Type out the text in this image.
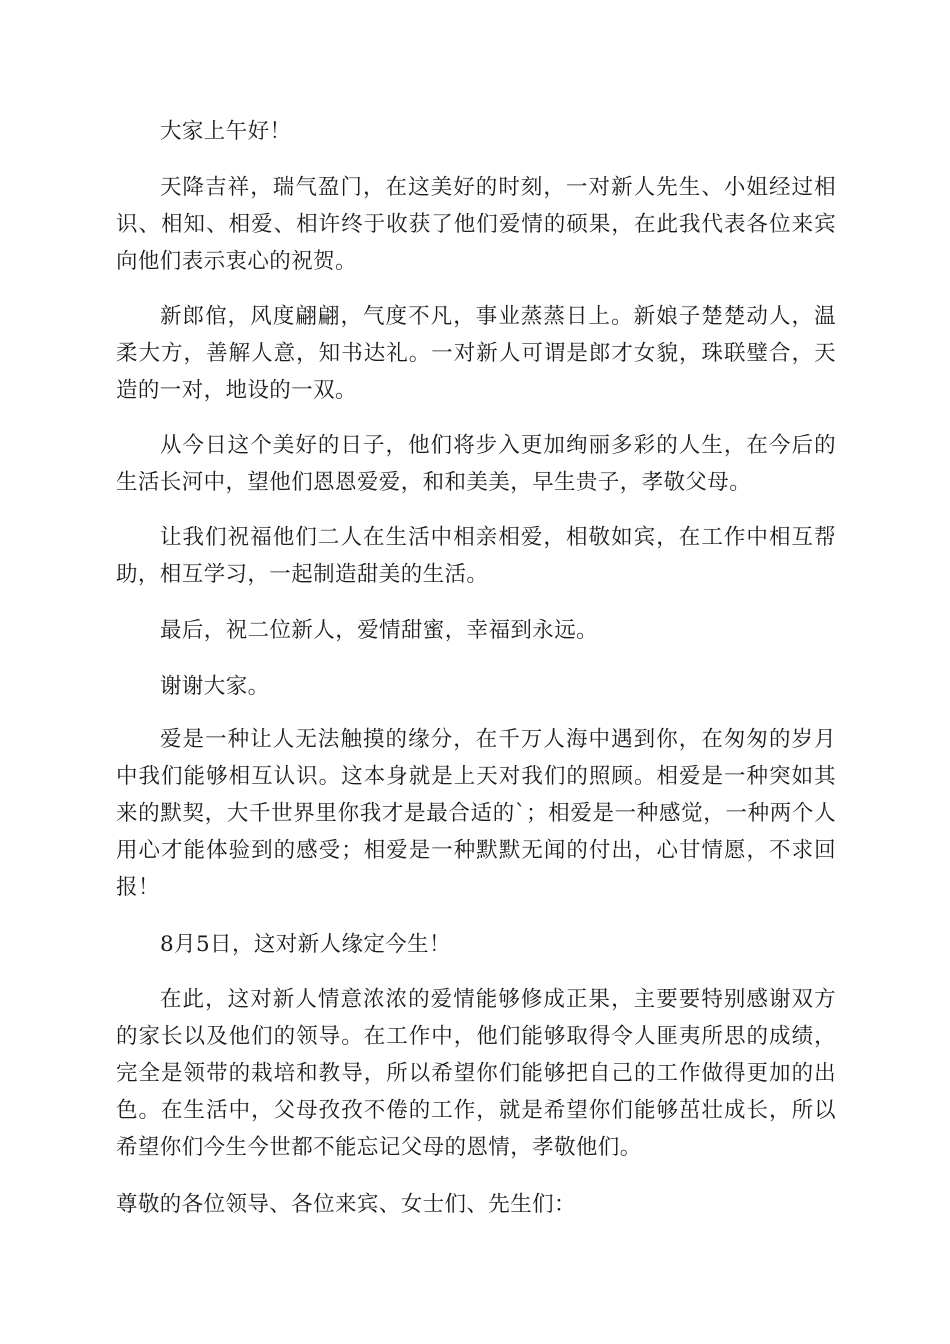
大家上午好！

天降吉祥，瑞气盈门，在这美好的时刻，一对新人先生、小姐经过相识、相知、相爱、相许终于收获了他们爱情的硕果，在此我代表各位来宾向他们表示衷心的祝贺。

新郎倌，风度翩翩，气度不凡，事业蒸蒸日上。新娘子楚楚动人，温柔大方，善解人意，知书达礼。一对新人可谓是郎才女貌，珠联璧合，天造的一对，地设的一双。

从今日这个美好的日子，他们将步入更加绚丽多彩的人生，在今后的生活长河中，望他们恩恩爱爱，和和美美，早生贵子，孝敬父母。

让我们祝福他们二人在生活中相亲相爱，相敬如宾，在工作中相互帮助，相互学习，一起制造甜美的生活。

最后，祝二位新人，爱情甜蜜，幸福到永远。

谢谢大家。

爱是一种让人无法触摸的缘分，在千万人海中遇到你，在匆匆的岁月中我们能够相互认识。这本身就是上天对我们的照顾。相爱是一种突如其来的默契，大千世界里你我才是最合适的`；相爱是一种感觉，一种两个人用心才能体验到的感受；相爱是一种默默无闻的付出，心甘情愿，不求回报！

8月5日，这对新人缘定今生！

在此，这对新人情意浓浓的爱情能够修成正果，主要要特别感谢双方的家长以及他们的领导。在工作中，他们能够取得令人匪夷所思的成绩，完全是领带的栽培和教导，所以希望你们能够把自己的工作做得更加的出色。在生活中，父母孜孜不倦的工作，就是希望你们能够茁壮成长，所以希望你们今生今世都不能忘记父母的恩情，孝敬他们。

尊敬的各位领导、各位来宾、女士们、先生们：
